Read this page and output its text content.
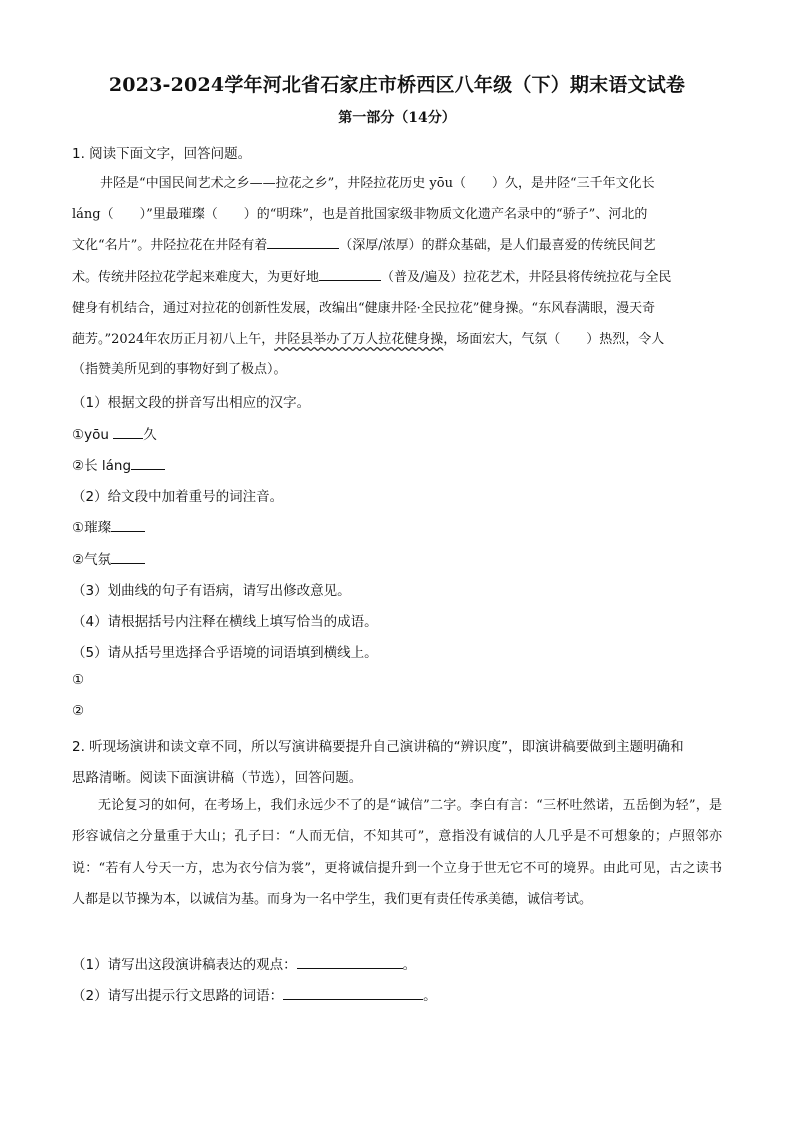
2023-2024学年河北省石家庄市桥西区八年级（下）期末语文试卷
第一部分（14分）
1. 阅读下面文字，回答问题。
井陉是“中国民间艺术之乡——拉花之乡”，井陉拉花历史 yōu（　　）久，是井陉“三千年文化长
láng（　　）”里最璀璨（　　）的“明珠”，也是首批国家级非物质文化遗产名录中的“骄子”、河北的
文化“名片”。井陉拉花在井陉有着	（深厚/浓厚）的群众基础，是人们最喜爱的传统民间艺
术。传统井陉拉花学起来难度大，为更好地	（普及/遍及）拉花艺术，井陉县将传统拉花与全民
健身有机结合，通过对拉花的创新性发展，改编出“健康井陉·全民拉花”健身操。“东风春满眼，漫天奇
葩芳。”2024年农历正月初八上午，井陉县举办了万人拉花健身操，场面宏大，气氛（　　）热烈，令人
（指赞美所见到的事物好到了极点）。
（1）根据文段的拼音写出相应的汉字。
①yōu 久
②长 láng
（2）给文段中加着重号的词注音。
①璀璨
②气氛
（3）划曲线的句子有语病，请写出修改意见。
（4）请根据括号内注释在横线上填写恰当的成语。
（5）请从括号里选择合乎语境的词语填到横线上。
①
②
2. 听现场演讲和读文章不同，所以写演讲稿要提升自己演讲稿的“辨识度”，即演讲稿要做到主题明确和
思路清晰。阅读下面演讲稿（节选），回答问题。
无论复习的如何，在考场上，我们永远少不了的是“诚信”二字。李白有言：“三杯吐然诺，五岳倒为轻”，是形容诚信之分量重于大山；孔子曰：“人而无信，不知其可”，意指没有诚信的人几乎是不可想象的；卢照邻亦说：“若有人兮天一方，忠为衣兮信为裳”，更将诚信提升到一个立身于世无它不可的境界。由此可见，古之读书人都是以节操为本，以诚信为基。而身为一名中学生，我们更有责任传承美德，诚信考试。
（1）请写出这段演讲稿表达的观点：	。
（2）请写出提示行文思路的词语：	。
